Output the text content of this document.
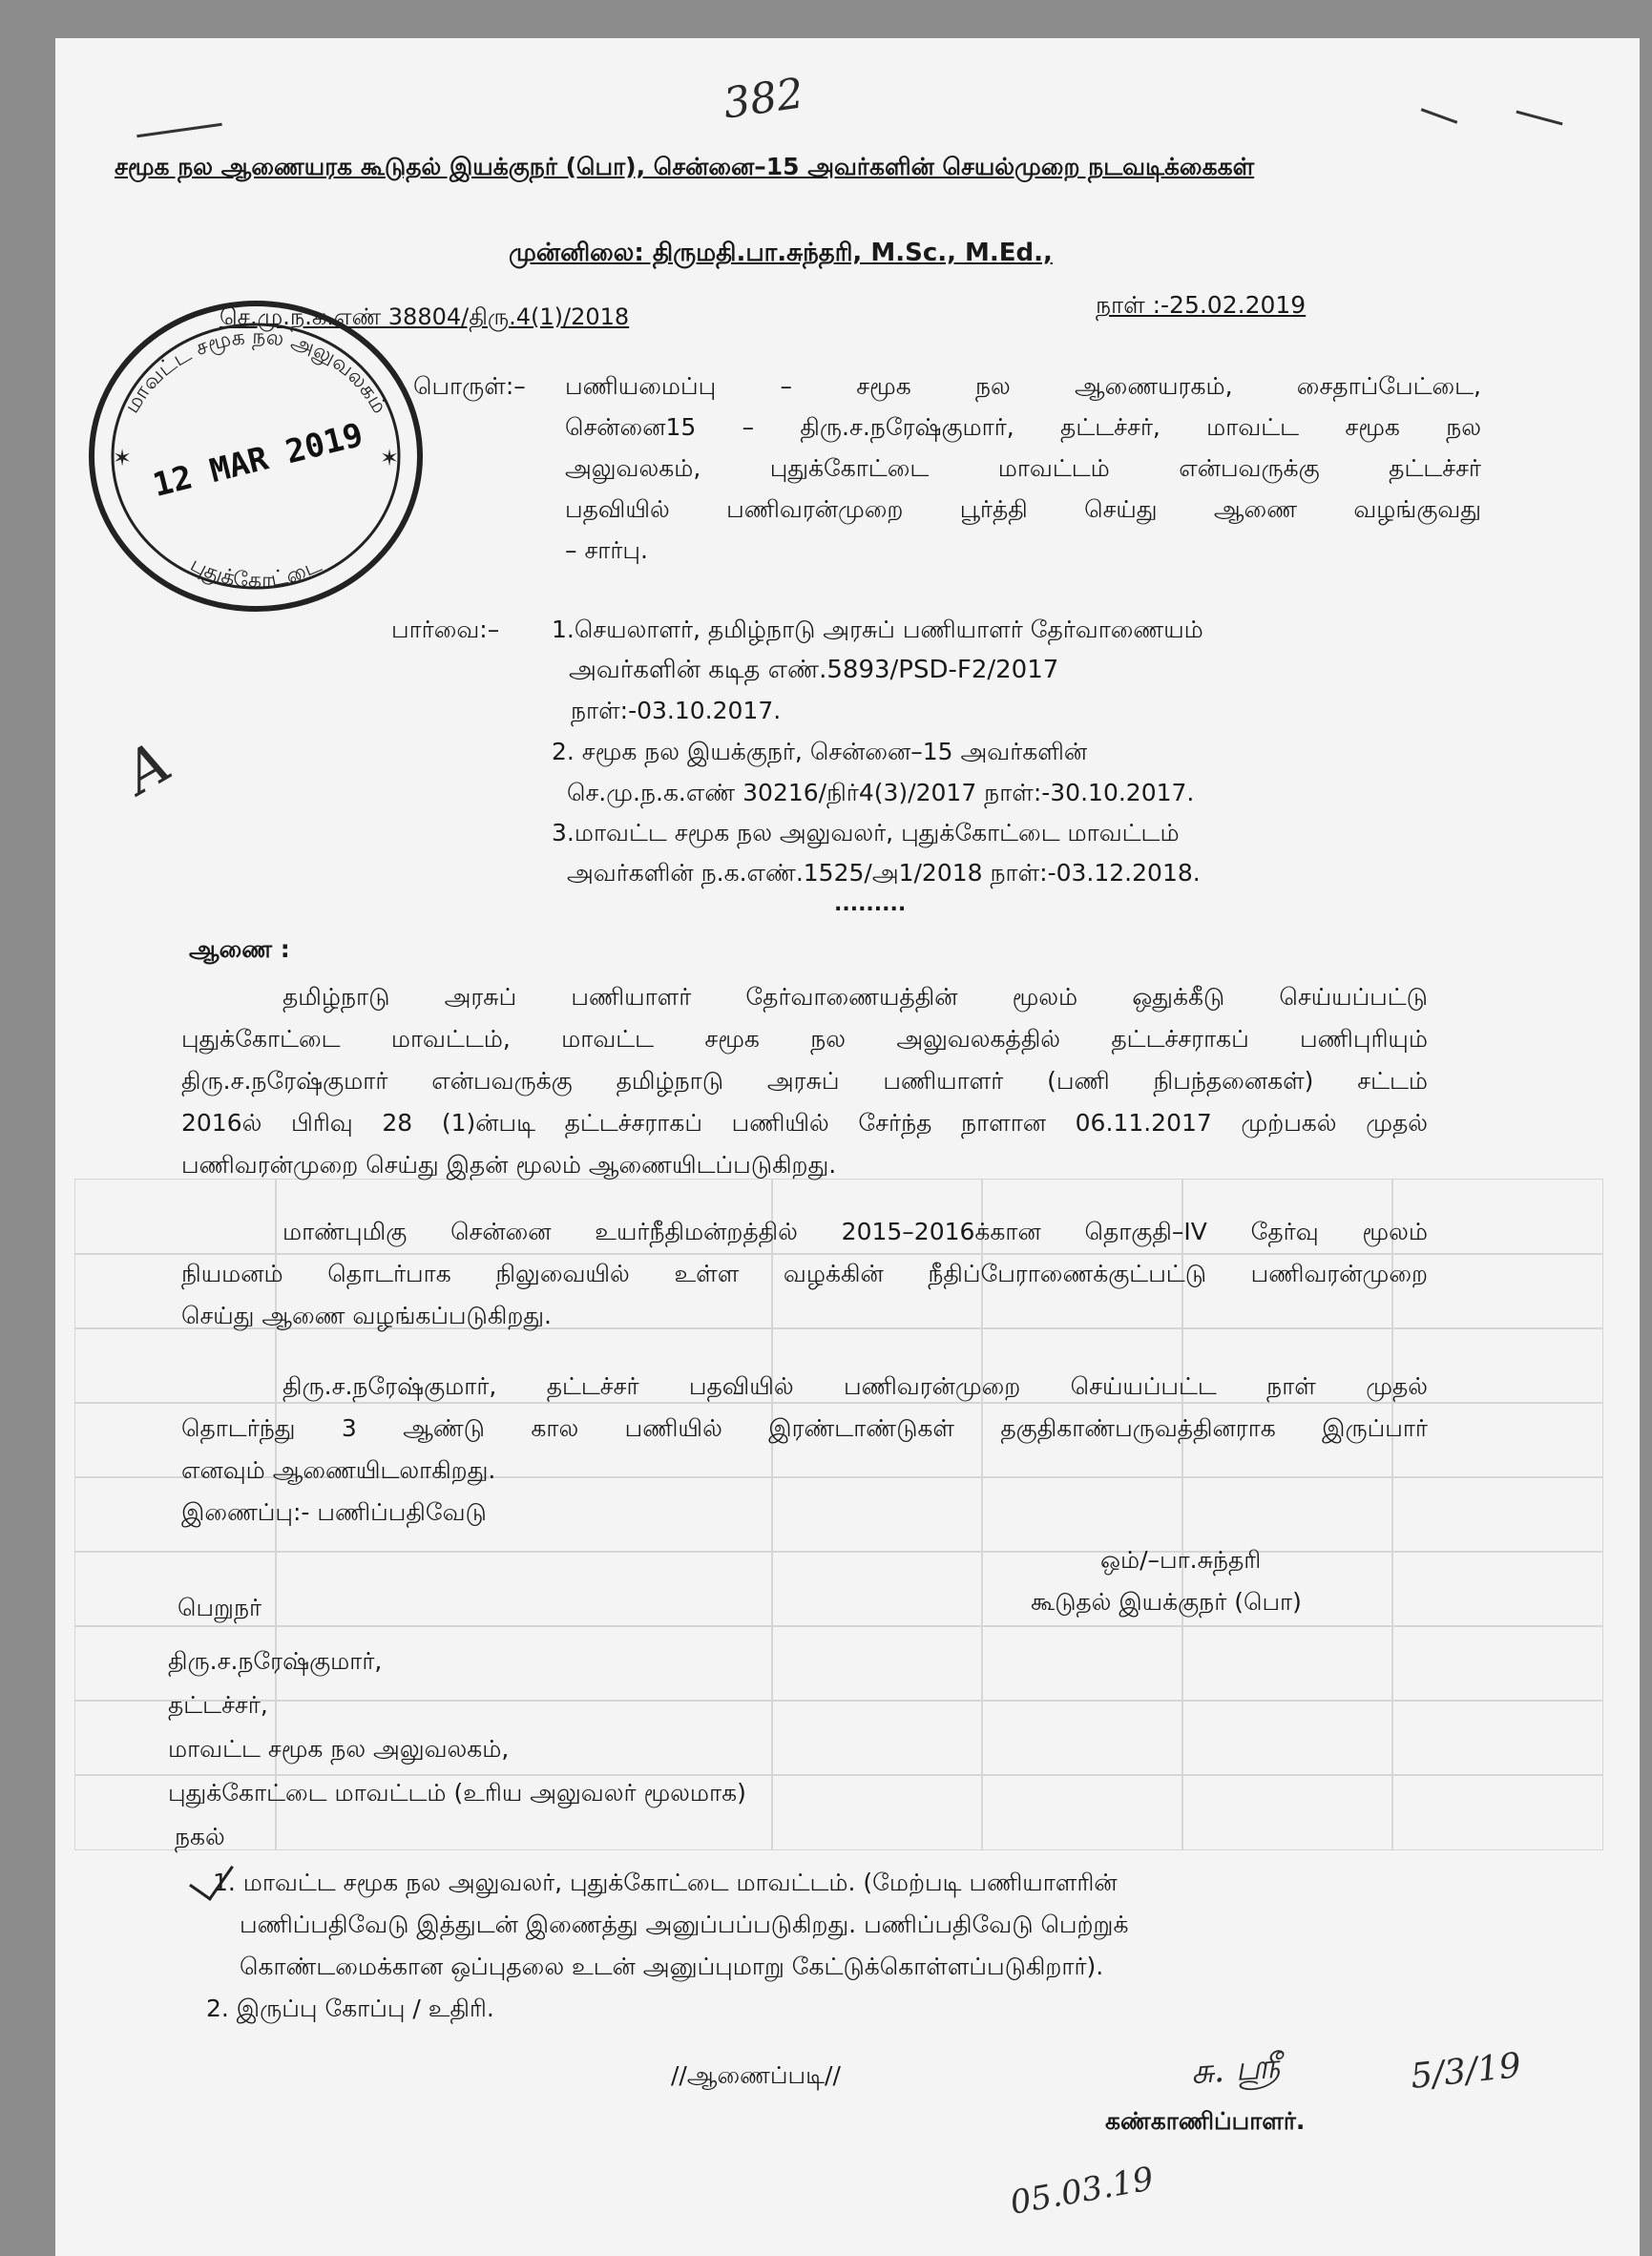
382
சமூக நல ஆணையரக கூடுதல் இயக்குநர் (பொ), சென்னை–15 அவர்களின் செயல்முறை நடவடிக்கைகள்
முன்னிலை: திருமதி.பா.சுந்தரி, M.Sc., M.Ed.,
செ.மு.ந.க.எண் 38804/திரு.4(1)/2018	நாள் :-25.02.2019
மாவட்ட சமூக நல அலுவலகம்
புதுக்கோட்டை
✶	✶
12 MAR 2019
பொருள்:– பணியமைப்பு – சமூக நல ஆணையரகம், சைதாப்பேட்டை,
சென்னை15 – திரு.ச.நரேஷ்குமார், தட்டச்சர், மாவட்ட சமூக நல
அலுவலகம், புதுக்கோட்டை மாவட்டம் என்பவருக்கு தட்டச்சர்
பதவியில் பணிவரன்முறை பூர்த்தி செய்து ஆணை வழங்குவது
– சார்பு.
A
பார்வை:– 1.செயலாளர், தமிழ்நாடு அரசுப் பணியாளர் தேர்வாணையம்
அவர்களின் கடித எண்.5893/PSD-F2/2017
நாள்:-03.10.2017.
2. சமூக நல இயக்குநர், சென்னை–15 அவர்களின்
செ.மு.ந.க.எண் 30216/நிர்4(3)/2017 நாள்:-30.10.2017.
3.மாவட்ட சமூக நல அலுவலர், புதுக்கோட்டை மாவட்டம்
அவர்களின் ந.க.எண்.1525/அ1/2018 நாள்:-03.12.2018.
.........
ஆணை :
தமிழ்நாடு அரசுப் பணியாளர் தேர்வாணையத்தின் மூலம் ஒதுக்கீடு செய்யப்பட்டு
புதுக்கோட்டை மாவட்டம், மாவட்ட சமூக நல அலுவலகத்தில் தட்டச்சராகப் பணிபுரியும்
திரு.ச.நரேஷ்குமார் என்பவருக்கு தமிழ்நாடு அரசுப் பணியாளர் (பணி நிபந்தனைகள்) சட்டம்
2016ல் பிரிவு 28 (1)ன்படி தட்டச்சராகப் பணியில் சேர்ந்த நாளான 06.11.2017 முற்பகல் முதல்
பணிவரன்முறை செய்து இதன் மூலம் ஆணையிடப்படுகிறது.
மாண்புமிகு சென்னை உயர்நீதிமன்றத்தில் 2015–2016க்கான தொகுதி–IV தேர்வு மூலம்
நியமனம் தொடர்பாக நிலுவையில் உள்ள வழக்கின் நீதிப்பேராணைக்குட்பட்டு பணிவரன்முறை
செய்து ஆணை வழங்கப்படுகிறது.
திரு.ச.நரேஷ்குமார், தட்டச்சர் பதவியில் பணிவரன்முறை செய்யப்பட்ட நாள் முதல்
தொடர்ந்து 3 ஆண்டு கால பணியில் இரண்டாண்டுகள் தகுதிகாண்பருவத்தினராக இருப்பார்
எனவும் ஆணையிடலாகிறது.
இணைப்பு:- பணிப்பதிவேடு
ஒம்/–பா.சுந்தரி
கூடுதல் இயக்குநர் (பொ)
பெறுநர்
திரு.ச.நரேஷ்குமார்,
தட்டச்சர்,
மாவட்ட சமூக நல அலுவலகம்,
புதுக்கோட்டை மாவட்டம் (உரிய அலுவலர் மூலமாக)
நகல்
1. மாவட்ட சமூக நல அலுவலர், புதுக்கோட்டை மாவட்டம். (மேற்படி பணியாளரின்
பணிப்பதிவேடு இத்துடன் இணைத்து அனுப்பப்படுகிறது. பணிப்பதிவேடு பெற்றுக்
கொண்டமைக்கான ஒப்புதலை உடன் அனுப்புமாறு கேட்டுக்கொள்ளப்படுகிறார்).
2. இருப்பு கோப்பு / உதிரி.
//ஆணைப்படி//	சு. ஸ்ரீ	5/3/19
கண்காணிப்பாளர்.
05.03.19
